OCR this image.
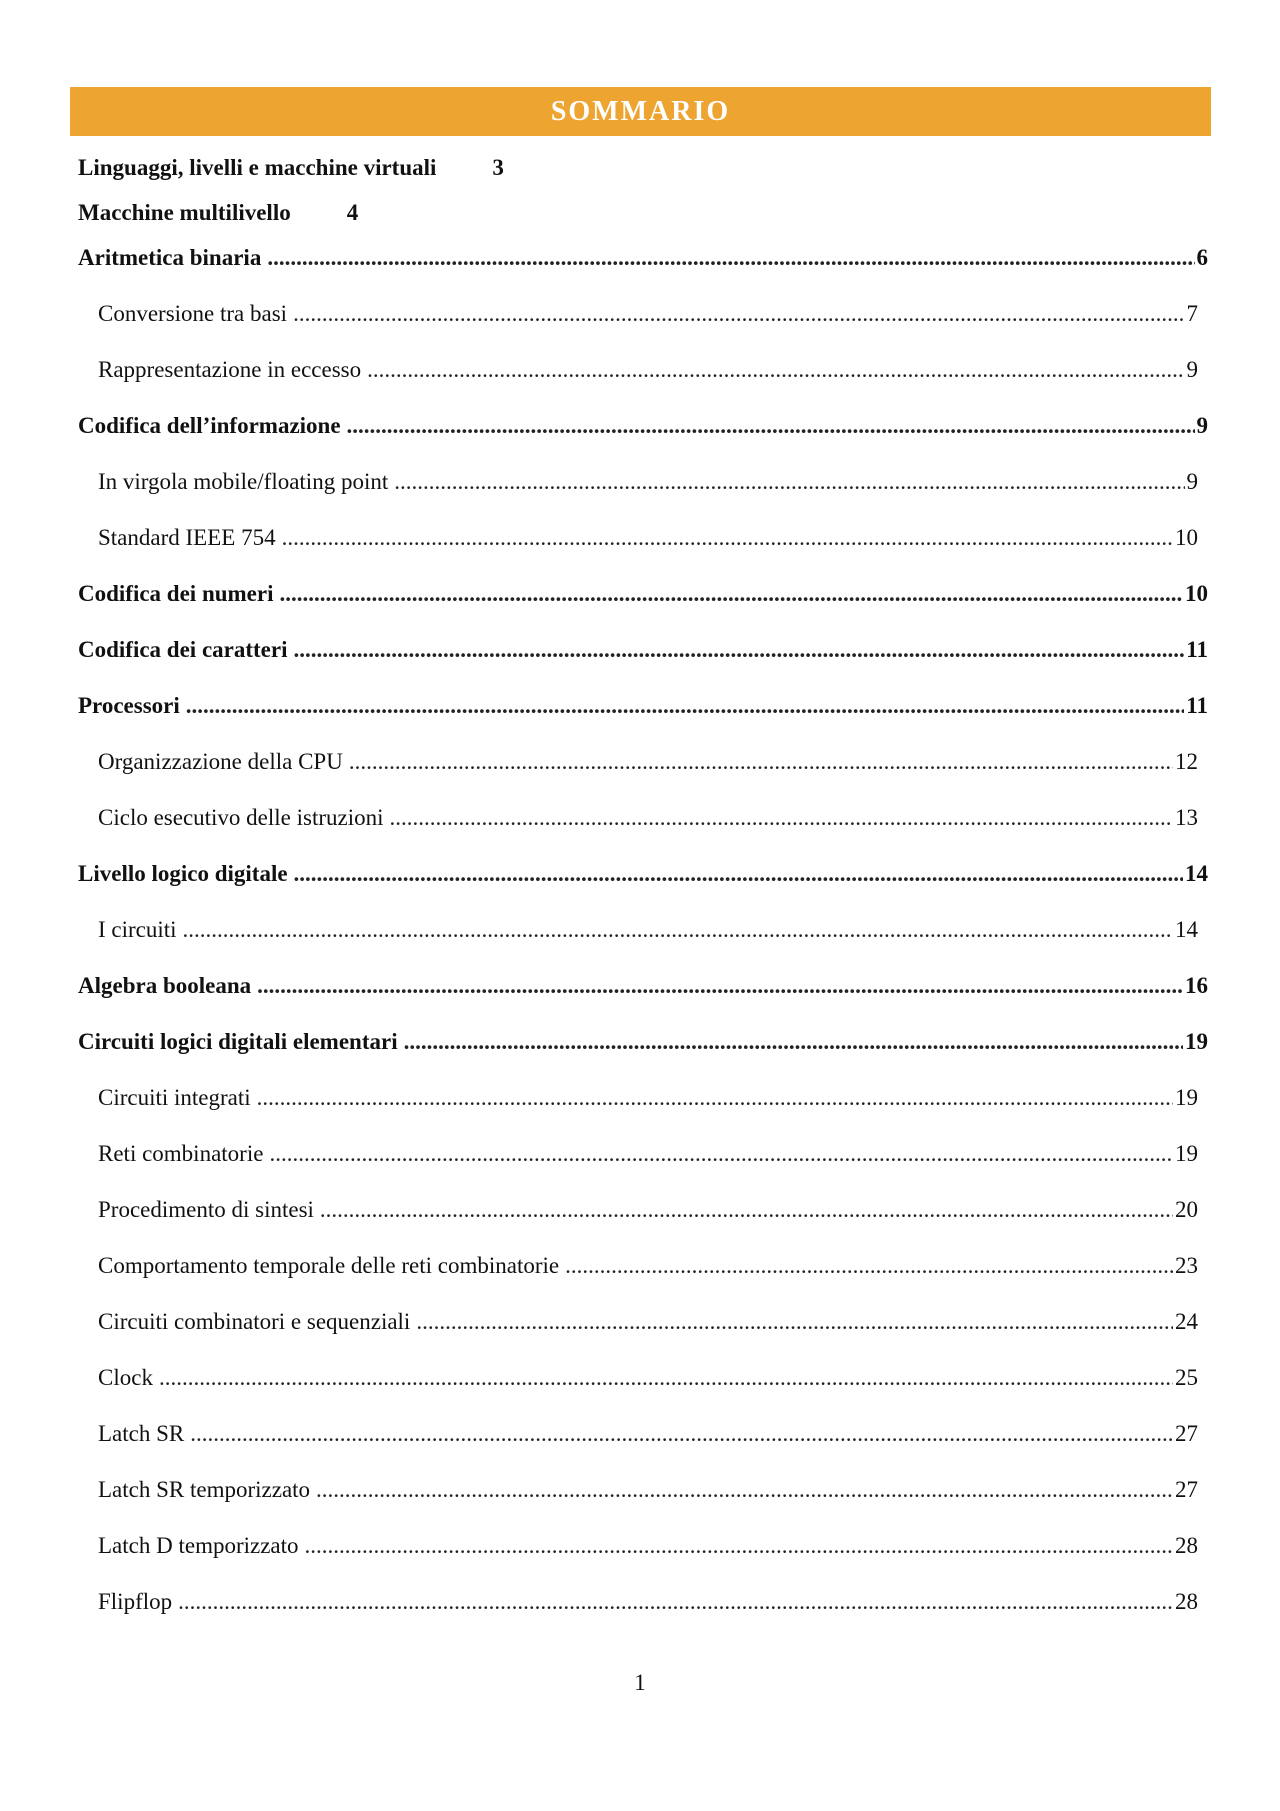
SOMMARIO
Linguaggi, livelli e macchine virtuali 3
Macchine multilivello 4
Aritmetica binaria .....	6
Conversione tra basi .....	7
Rappresentazione in eccesso .....	9
Codifica dell’informazione .....	9
In virgola mobile/floating point .....	9
Standard IEEE 754 .....	10
Codifica dei numeri .....	10
Codifica dei caratteri .....	11
Processori .....	11
Organizzazione della CPU .....	12
Ciclo esecutivo delle istruzioni .....	13
Livello logico digitale .....	14
I circuiti .....	14
Algebra booleana .....	16
Circuiti logici digitali elementari .....	19
Circuiti integrati .....	19
Reti combinatorie .....	19
Procedimento di sintesi .....	20
Comportamento temporale delle reti combinatorie .....	23
Circuiti combinatori e sequenziali .....	24
Clock .....	25
Latch SR .....	27
Latch SR temporizzato .....	27
Latch D temporizzato .....	28
Flipflop .....	28
1
